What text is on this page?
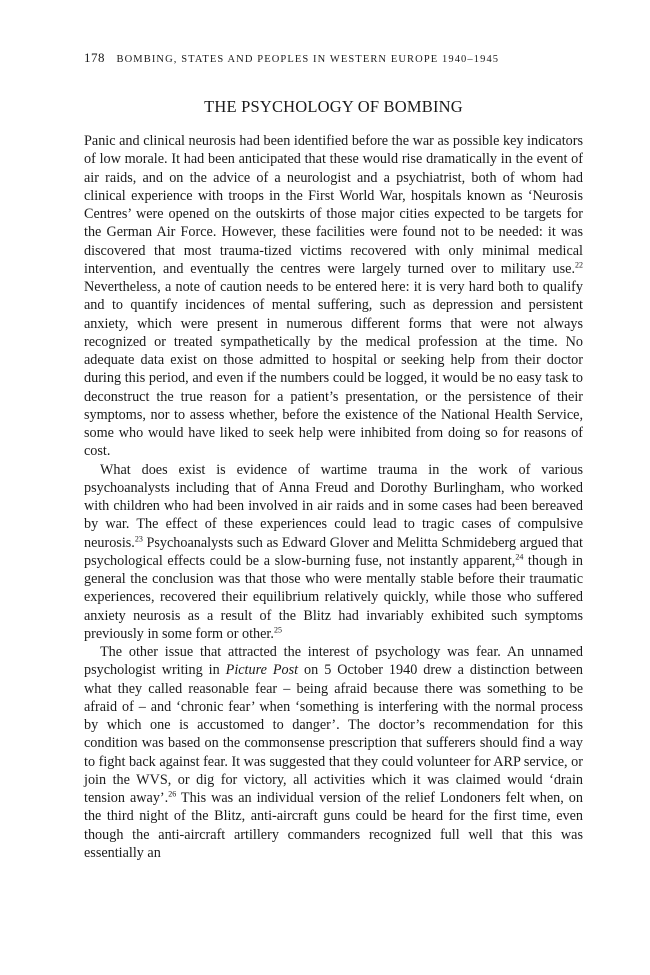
178 BOMBING, STATES AND PEOPLES IN WESTERN EUROPE 1940–1945
THE PSYCHOLOGY OF BOMBING

Panic and clinical neurosis had been identified before the war as possible key indicators of low morale. It had been anticipated that these would rise dramatically in the event of air raids, and on the advice of a neurologist and a psychiatrist, both of whom had clinical experience with troops in the First World War, hospitals known as ‘Neurosis Centres’ were opened on the outskirts of those major cities expected to be targets for the German Air Force. However, these facilities were found not to be needed: it was discovered that most trauma-tized victims recovered with only minimal medical intervention, and eventually the centres were largely turned over to military use.$^{22}$ Nevertheless, a note of caution needs to be entered here: it is very hard both to qualify and to quantify incidences of mental suffering, such as depression and persistent anxiety, which were present in numerous different forms that were not always recognized or treated sympathetically by the medical profession at the time. No adequate data exist on those admitted to hospital or seeking help from their doctor during this period, and even if the numbers could be logged, it would be no easy task to deconstruct the true reason for a patient’s presentation, or the persistence of their symptoms, nor to assess whether, before the existence of the National Health Service, some who would have liked to seek help were inhibited from doing so for reasons of cost.

What does exist is evidence of wartime trauma in the work of various psychoanalysts including that of Anna Freud and Dorothy Burlingham, who worked with children who had been involved in air raids and in some cases had been bereaved by war. The effect of these experiences could lead to tragic cases of compulsive neurosis.$^{23}$ Psychoanalysts such as Edward Glover and Melitta Schmideberg argued that psychological effects could be a slow-burning fuse, not instantly apparent,$^{24}$ though in general the conclusion was that those who were mentally stable before their traumatic experiences, recovered their equilibrium relatively quickly, while those who suffered anxiety neurosis as a result of the Blitz had invariably exhibited such symptoms previously in some form or other.$^{25}$

The other issue that attracted the interest of psychology was fear. An unnamed psychologist writing in Picture Post on 5 October 1940 drew a distinction between what they called reasonable fear – being afraid because there was something to be afraid of – and ‘chronic fear’ when ‘something is interfering with the normal process by which one is accustomed to danger’. The doctor’s recommendation for this condition was based on the commonsense prescription that sufferers should find a way to fight back against fear. It was suggested that they could volunteer for ARP service, or join the WVS, or dig for victory, all activities which it was claimed would ‘drain tension away’.$^{26}$ This was an individual version of the relief Londoners felt when, on the third night of the Blitz, anti-aircraft guns could be heard for the first time, even though the anti-aircraft artillery commanders recognized full well that this was essentially an
